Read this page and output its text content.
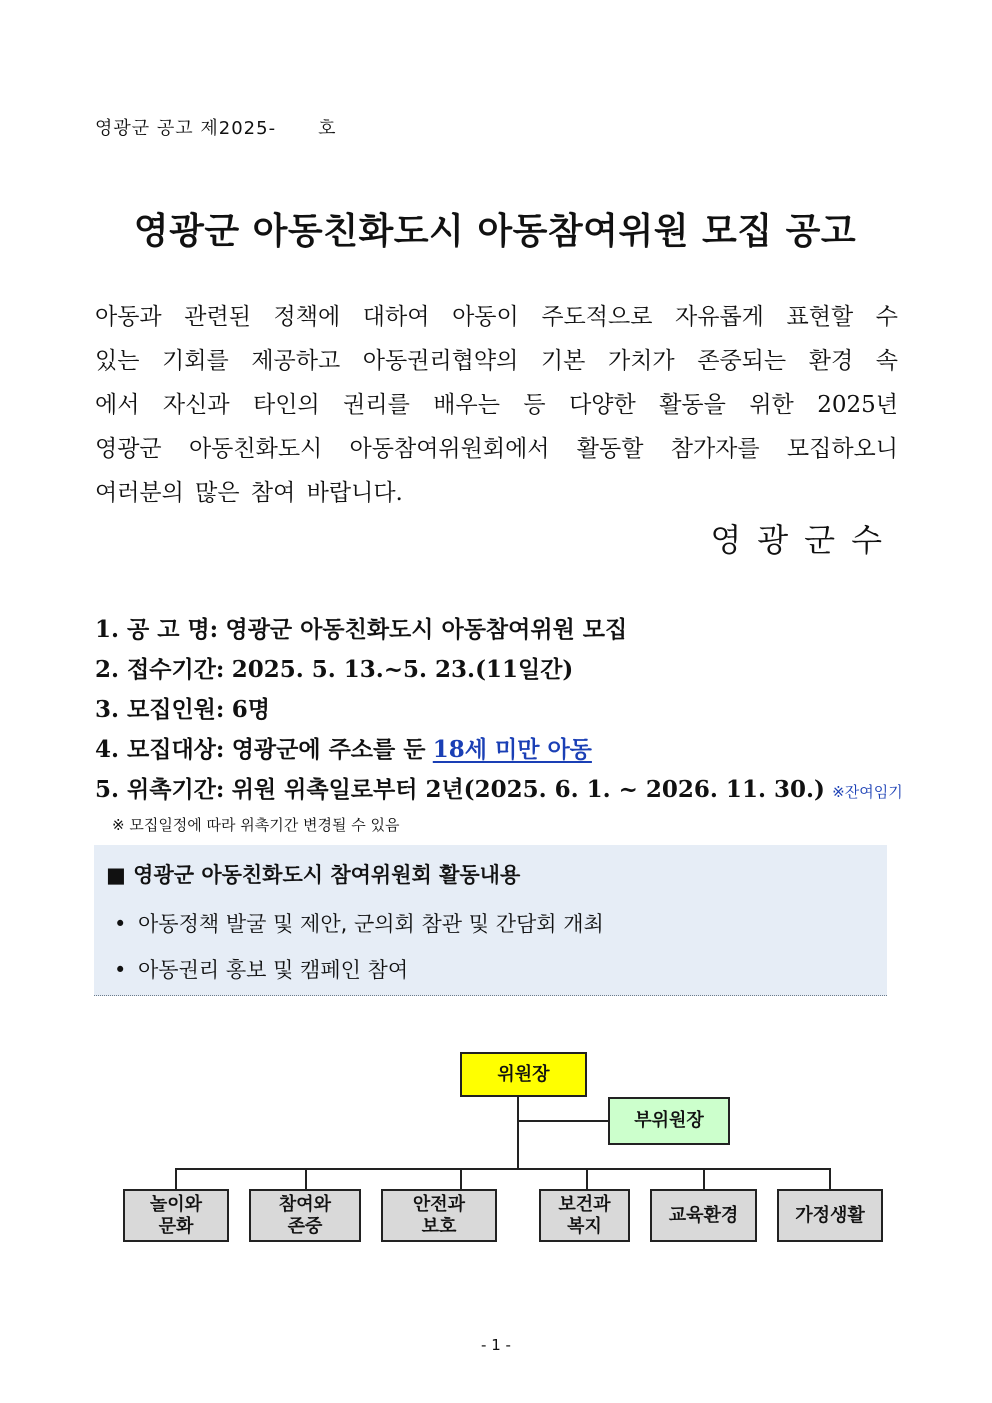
영광군 공고 제2025- 호
영광군 아동친화도시 아동참여위원 모집 공고
아동과 관련된 정책에 대하여 아동이 주도적으로 자유롭게 표현할 수
있는 기회를 제공하고 아동권리협약의 기본 가치가 존중되는 환경 속
에서 자신과 타인의 권리를 배우는 등 다양한 활동을 위한 2025년
영광군 아동친화도시 아동참여위원회에서 활동할 참가자를 모집하오니
여러분의 많은 참여 바랍니다.
영광군수
1. 공 고 명: 영광군 아동친화도시 아동참여위원 모집
2. 접수기간: 2025. 5. 13.~5. 23.(11일간)
3. 모집인원: 6명
4. 모집대상: 영광군에 주소를 둔 18세 미만 아동
5. 위촉기간: 위원 위촉일로부터 2년(2025. 6. 1. ~ 2026. 11. 30.) ※잔여임기
※ 모집일정에 따라 위촉기간 변경될 수 있음
■ 영광군 아동친화도시 참여위원회 활동내용
• 아동정책 발굴 및 제안, 군의회 참관 및 간담회 개최
• 아동권리 홍보 및 캠페인 참여
위원장
부위원장
놀이와
문화
참여와
존중
안전과
보호
보건과
복지
교육환경	가정생활
- 1 -
